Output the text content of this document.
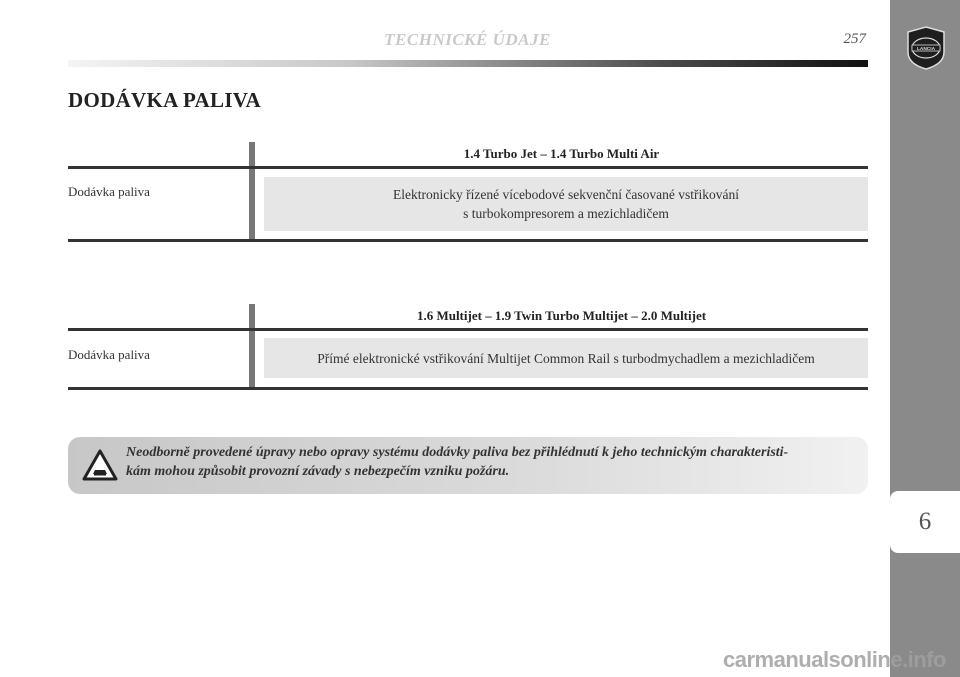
TECHNICKÉ ÚDAJE	257
DODÁVKA PALIVA
1.4 Turbo Jet – 1.4 Turbo Multi Air
Dodávka paliva	Elektronicky řízené vícebodové sekvenční časované vstřikování
s turbokompresorem a mezichladičem
1.6 Multijet – 1.9 Twin Turbo Multijet – 2.0 Multijet
Dodávka paliva	Přímé elektronické vstřikování Multijet Common Rail s turbodmychadlem a mezichladičem
Neodborně provedené úpravy nebo opravy systému dodávky paliva bez přihlédnutí k jeho technickým charakteristi-
kám mohou způsobit provozní závady s nebezpečím vzniku požáru.
LANCIA
6
carmanualsonline.info
